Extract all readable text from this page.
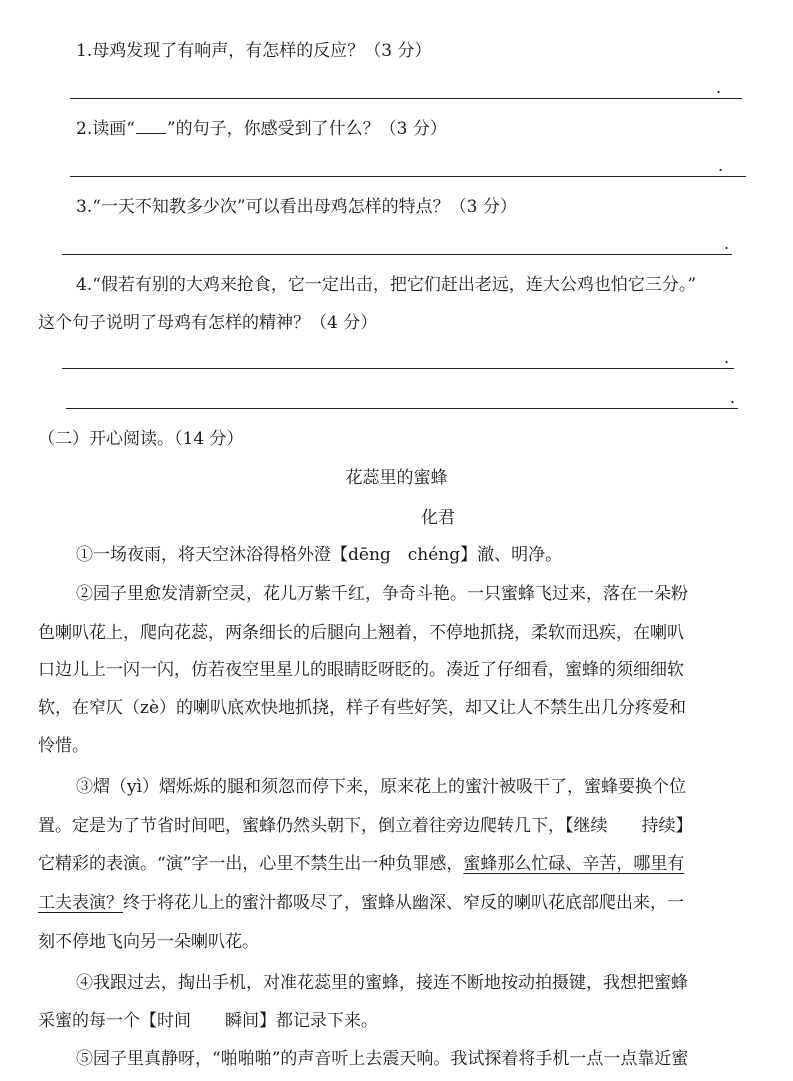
1.母鸡发现了有响声，有怎样的反应？（3 分）
.
2.读画“ ”的句子，你感受到了什么？（3 分）
.
3.“一天不知教多少次”可以看出母鸡怎样的特点？（3 分）
.
4.“假若有别的大鸡来抢食，它一定出击，把它们赶出老远，连大公鸡也怕它三分。”
这个句子说明了母鸡有怎样的精神？（4 分）
.
.
（二）开心阅读。（14 分）
花蕊里的蜜蜂
化君
①一场夜雨，将天空沐浴得格外澄【dēng　chéng】澈、明净。
②园子里愈发清新空灵，花儿万紫千红，争奇斗艳。一只蜜蜂飞过来，落在一朵粉
色喇叭花上，爬向花蕊，两条细长的后腿向上翘着，不停地抓挠，柔软而迅疾，在喇叭
口边儿上一闪一闪，仿若夜空里星儿的眼睛眨呀眨的。凑近了仔细看，蜜蜂的须细细软
软，在窄仄（zè）的喇叭底欢快地抓挠，样子有些好笑，却又让人不禁生出几分疼爱和
怜惜。
③熠（yì）熠烁烁的腿和须忽而停下来，原来花上的蜜汁被吸干了，蜜蜂要换个位
置。定是为了节省时间吧，蜜蜂仍然头朝下，倒立着往旁边爬转几下，【继续　　持续】
它精彩的表演。“演”字一出，心里不禁生出一种负罪感，蜜蜂那么忙碌、辛苦，哪里有
工夫表演？终于将花儿上的蜜汁都吸尽了，蜜蜂从幽深、窄反的喇叭花底部爬出来，一
刻不停地飞向另一朵喇叭花。
④我跟过去，掏出手机，对准花蕊里的蜜蜂，接连不断地按动拍摄键，我想把蜜蜂
采蜜的每一个【时间　　瞬间】都记录下来。
⑤园子里真静呀，“啪啪啪”的声音听上去震天响。我试探着将手机一点一点靠近蜜
